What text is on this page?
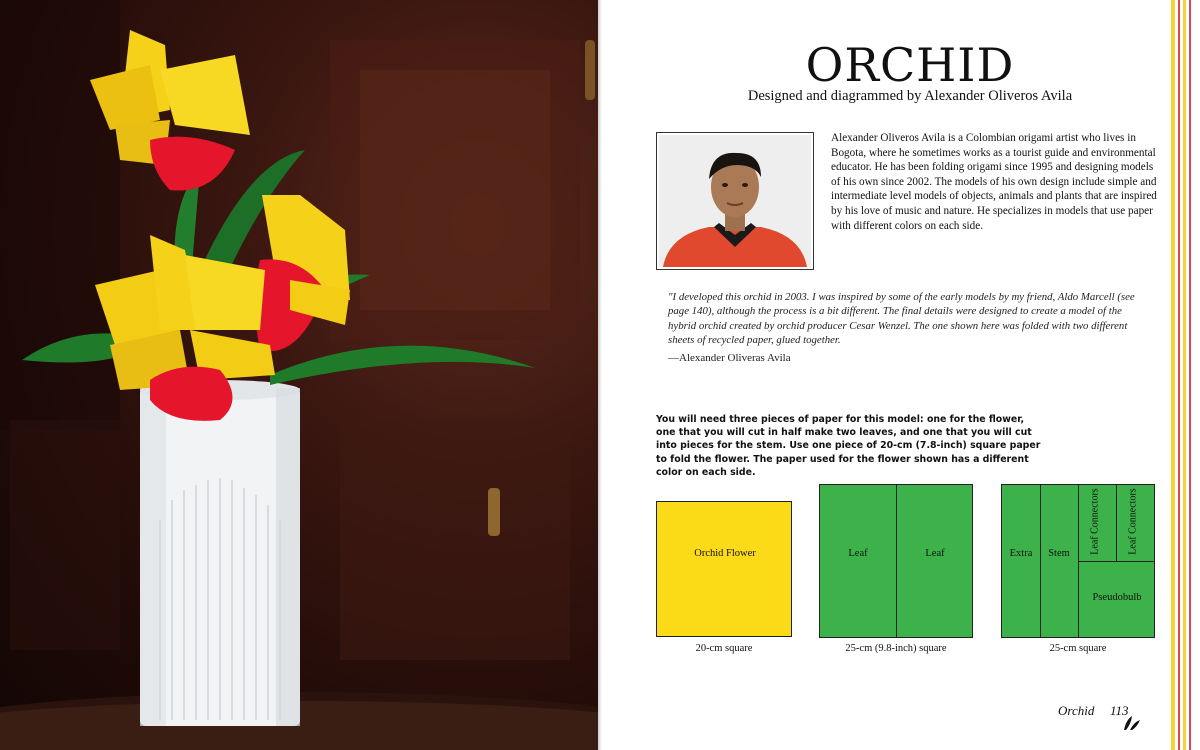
ORCHID
Designed and diagrammed by Alexander Oliveros Avila
Alexander Oliveros Avila is a Colombian origami artist who lives in Bogota, where he sometimes works as a tourist guide and environmental educator. He has been folding origami since 1995 and designing models of his own since 2002. The models of his own design include simple and intermediate level models of objects, animals and plants that are inspired by his love of music and nature. He specializes in models that use paper with different colors on each side.
"I developed this orchid in 2003. I was inspired by some of the early models by my friend, Aldo Marcell (see page 140), although the process is a bit different. The final details were designed to create a model of the hybrid orchid created by orchid producer Cesar Wenzel. The one shown here was folded with two different sheets of recycled paper, glued together.
—Alexander Oliveras Avila
You will need three pieces of paper for this model: one for the flower, one that you will cut in half make two leaves, and one that you will cut into pieces for the stem. Use one piece of 20-cm (7.8-inch) square paper to fold the flower. The paper used for the flower shown has a different color on each side.
Orchid Flower
20-cm square
Leaf	Leaf
25-cm (9.8-inch) square
Extra	Stem	Leaf Connectors	Leaf Connectors
Pseudobulb
25-cm square
Orchid 113
